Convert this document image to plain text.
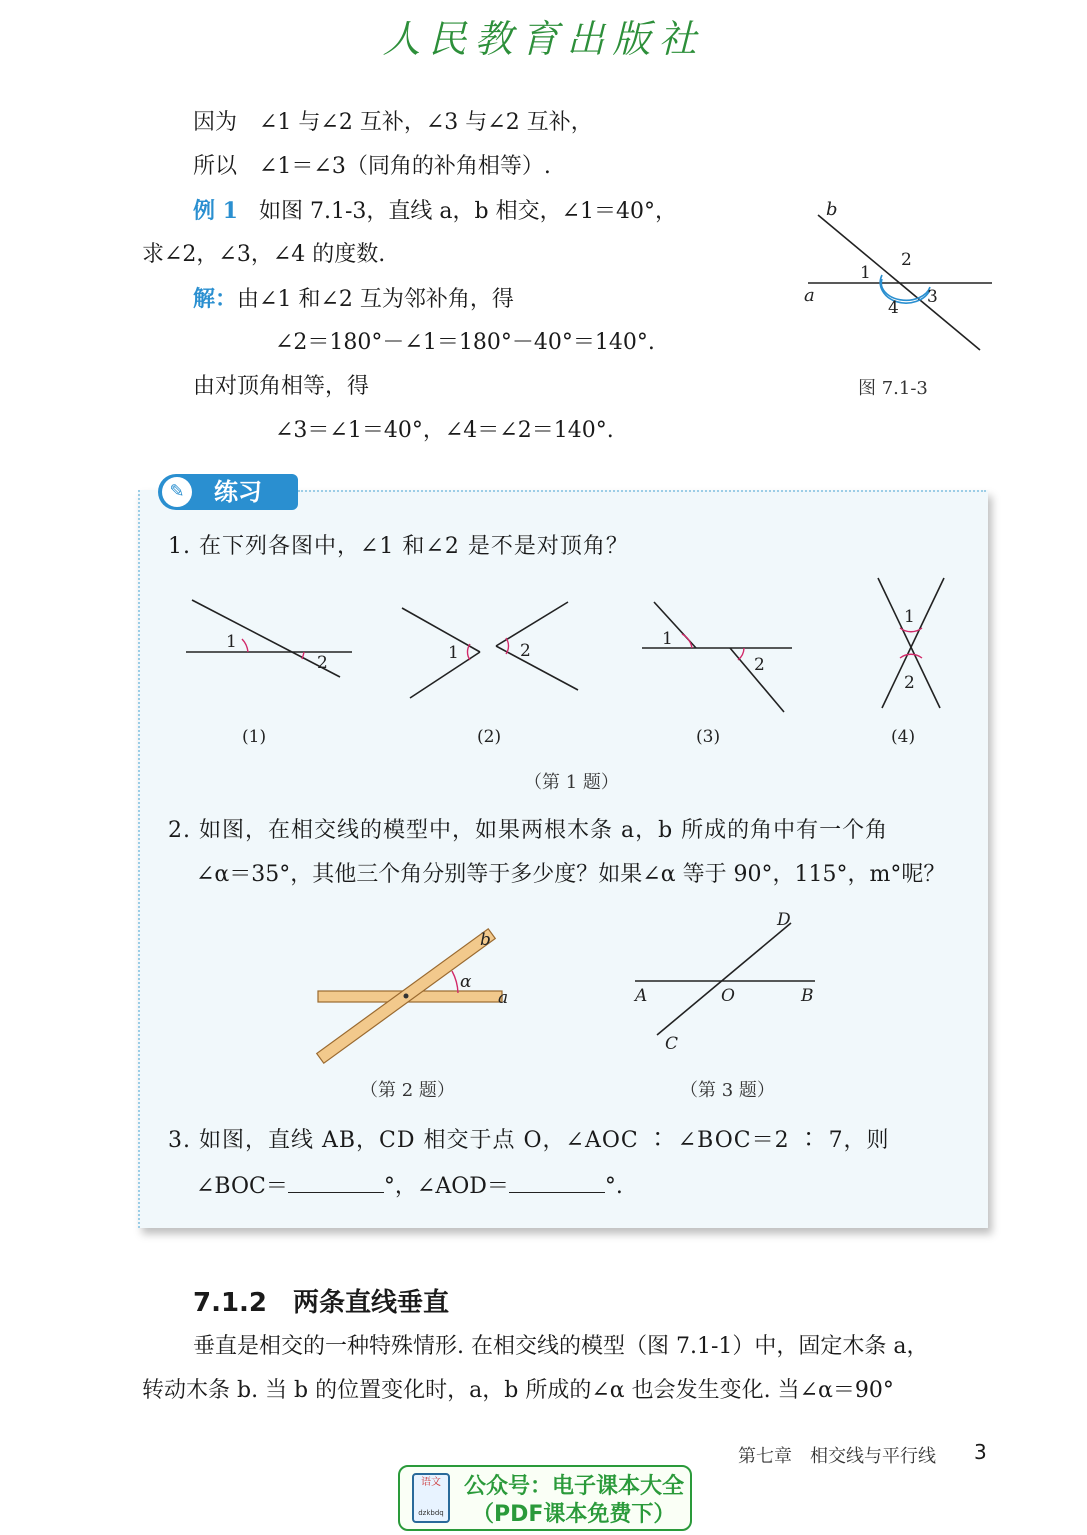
人民教育出版社
因为　∠1 与∠2 互补，∠3 与∠2 互补，
所以　∠1＝∠3（同角的补角相等）.
例 1 如图 7.1-3，直线 a，b 相交，∠1＝40°，
求∠2，∠3，∠4 的度数.
解：由∠1 和∠2 互为邻补角，得
∠2＝180°－∠1＝180°－40°＝140°.
由对顶角相等，得
∠3＝∠1＝40°，∠4＝∠2＝140°.
b
a
1
2
3
4
图 7.1-3
✎	练习
1. 在下列各图中，∠1 和∠2 是不是对顶角？
1
2	1	2
1
2
1
2
(1)	(2)	(3)	(4)
（第 1 题）
2. 如图，在相交线的模型中，如果两根木条 a，b 所成的角中有一个角
∠α＝35°，其他三个角分别等于多少度？如果∠α 等于 90°，115°，m°呢？
α
a
b
A	O	B
C
D
（第 2 题）	（第 3 题）
3. 如图，直线 AB，CD 相交于点 O，∠AOC ∶ ∠BOC＝2 ∶ 7，则
∠BOC＝	°，∠AOD＝	°.
7.1.2　两条直线垂直
垂直是相交的一种特殊情形. 在相交线的模型（图 7.1-1）中，固定木条 a，
转动木条 b. 当 b 的位置变化时，a，b 所成的∠α 也会发生变化. 当∠α＝90°
第七章　相交线与平行线 3
语文
dzkbdq
公众号：电子课本大全
（PDF课本免费下）
